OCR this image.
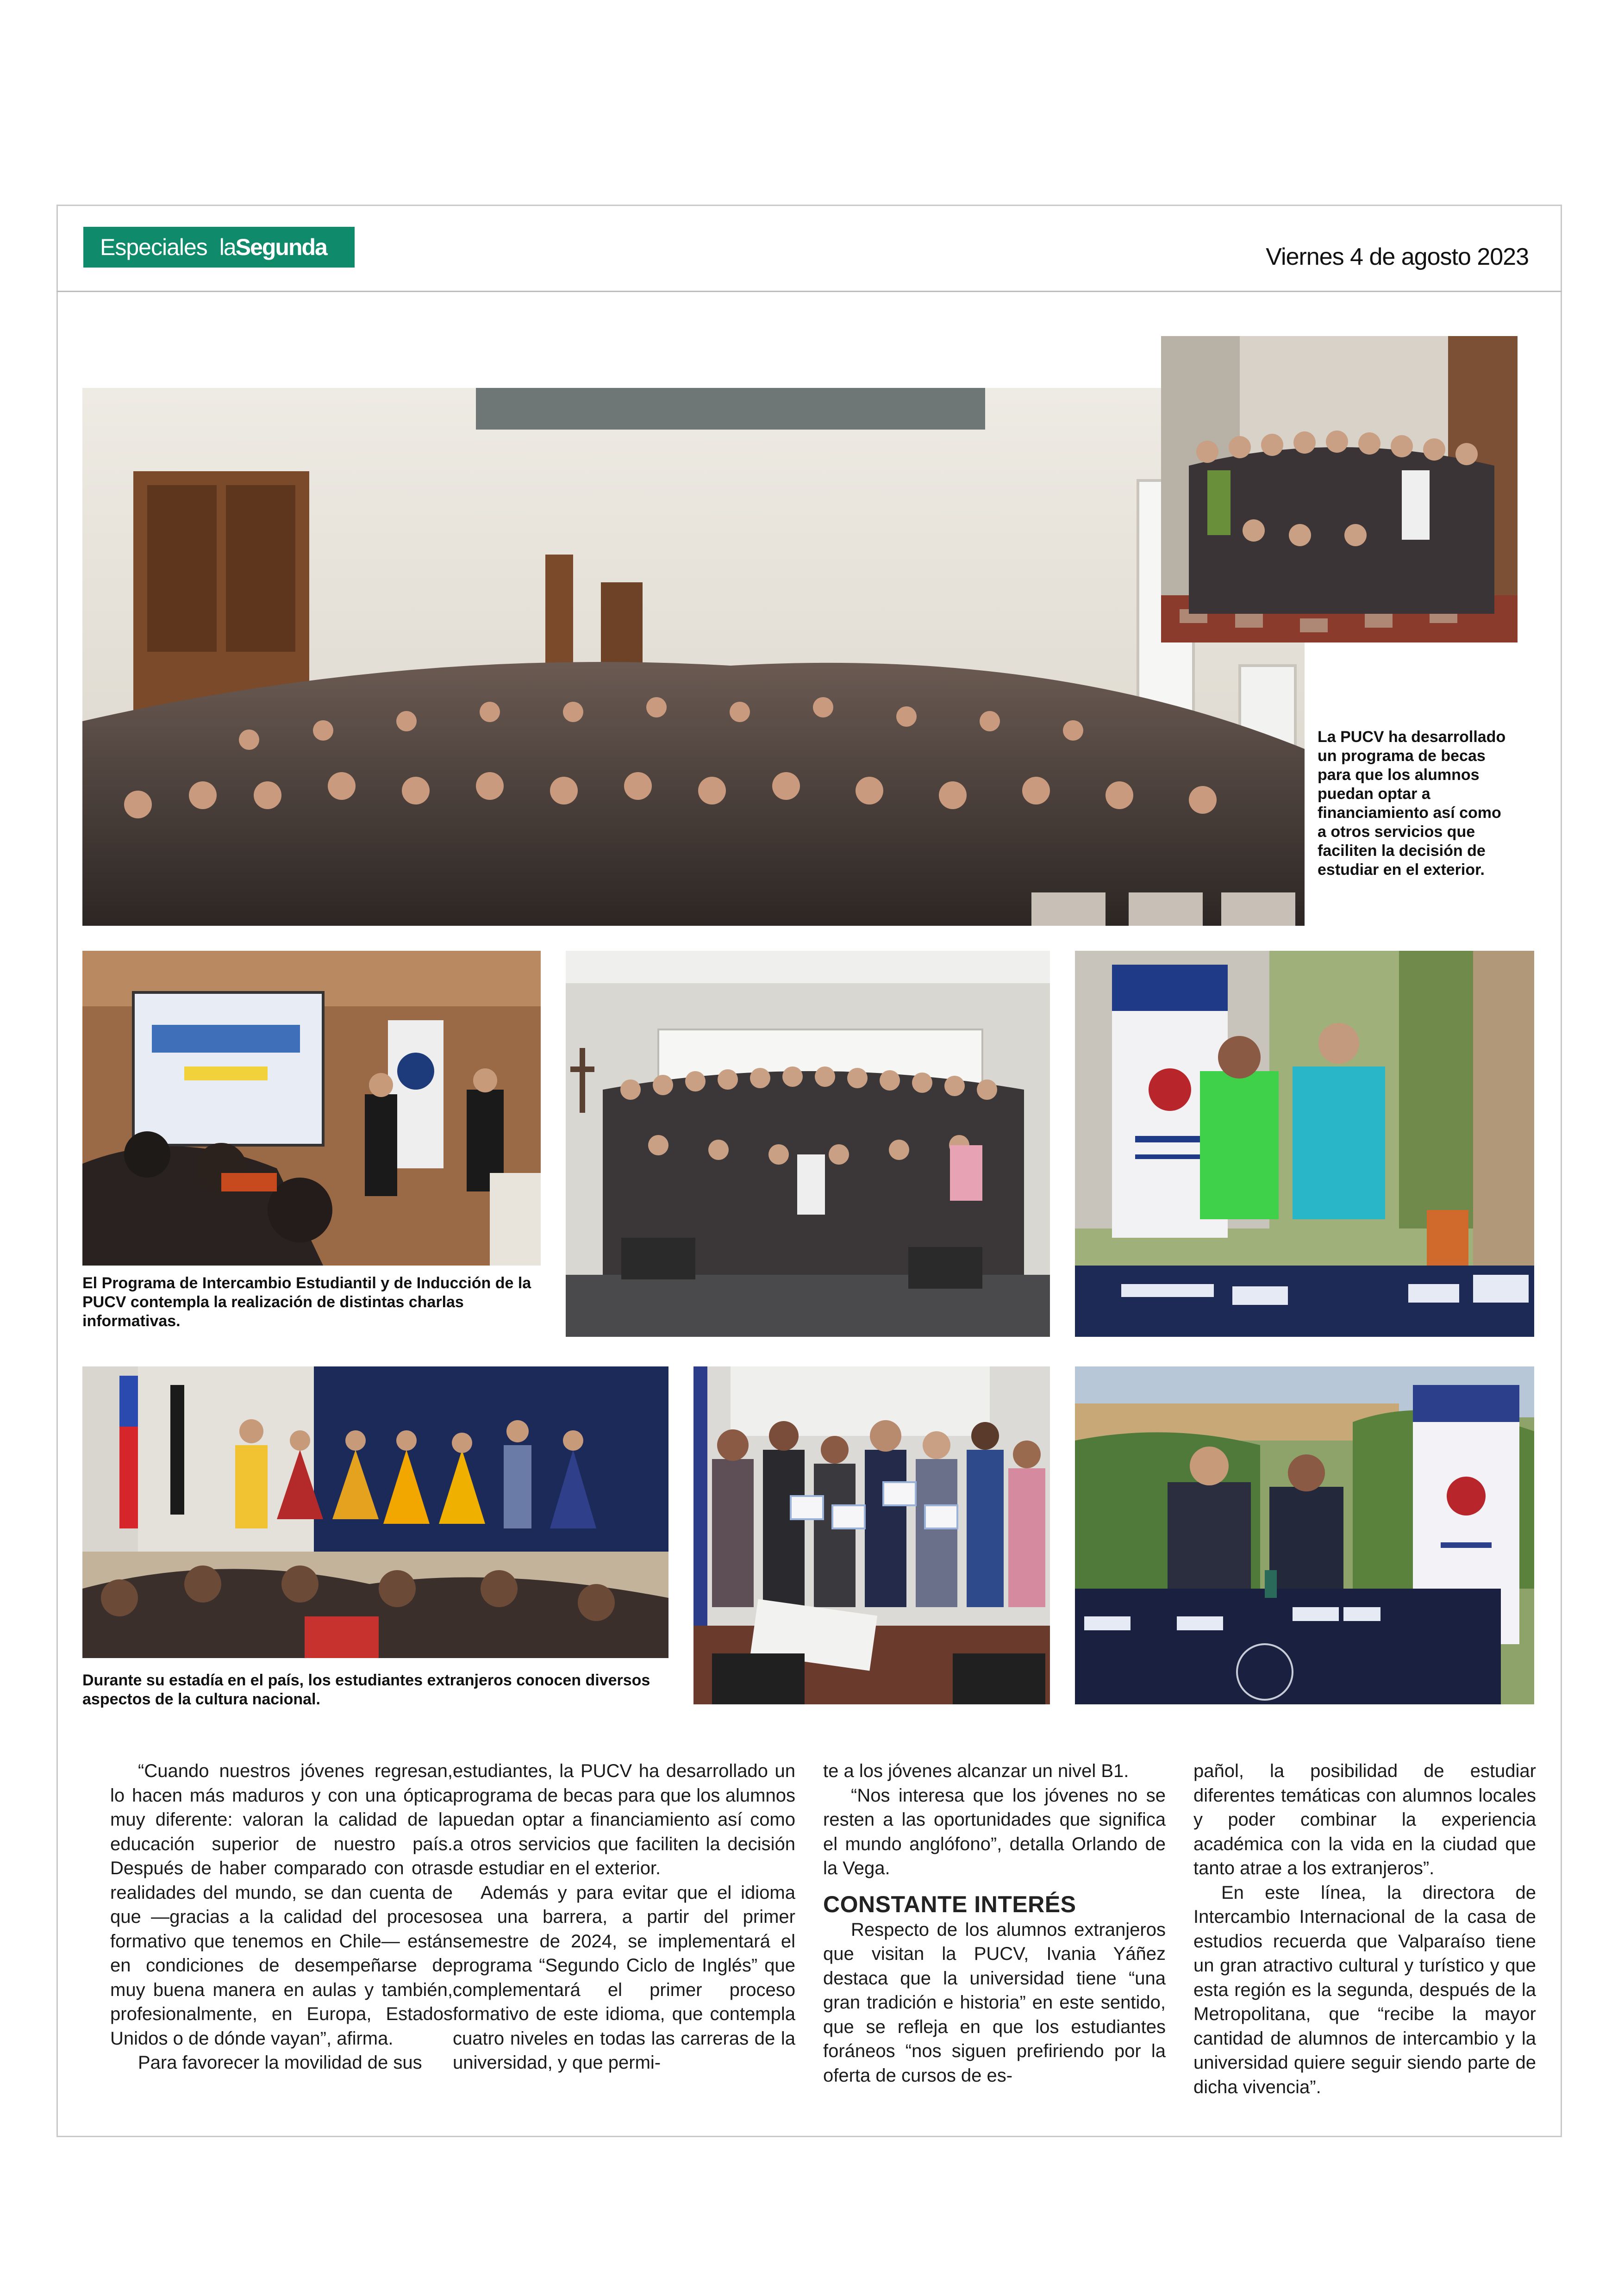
Especiales laSegunda	Viernes 4 de agosto 2023
La PUCV ha desarrollado un programa de becas para que los alumnos puedan optar a financiamiento así como a otros servicios que faciliten la decisión de estudiar en el exterior.
El Programa de Intercambio Estudiantil y de Inducción de la PUCV contempla la realización de distintas charlas informativas.
Durante su estadía en el país, los estudiantes extranjeros conocen diversos aspectos de la cultura nacional.

“Cuando nuestros jóvenes regresan, lo hacen más maduros y con una óptica muy diferente: valoran la calidad de la educación superior de nuestro país. Después de haber comparado con otras realidades del mundo, se dan cuenta de que —gracias a la calidad del proceso formativo que tenemos en Chile— están en condiciones de desempeñarse de muy buena manera en aulas y también, profesionalmente, en Europa, Estados Unidos o de dónde vayan”, afirma.

Para favorecer la movilidad de sus

estudiantes, la PUCV ha desarrollado un programa de becas para que los alumnos puedan optar a financiamiento así como a otros servicios que faciliten la decisión de estudiar en el exterior.

Además y para evitar que el idioma sea una barrera, a partir del primer semestre de 2024, se implementará el programa “Segundo Ciclo de Inglés” que complementará el primer proceso formativo de este idioma, que contempla cuatro niveles en todas las carreras de la universidad, y que permi-

te a los jóvenes alcanzar un nivel B1.

“Nos interesa que los jóvenes no se resten a las oportunidades que significa el mundo anglófono”, detalla Orlando de la Vega.

CONSTANTE INTERÉS

Respecto de los alumnos extranjeros que visitan la PUCV, Ivania Yáñez destaca que la universidad tiene “una gran tradición e historia” en este sentido, que se refleja en que los estudiantes foráneos “nos siguen prefiriendo por la oferta de cursos de es-

pañol, la posibilidad de estudiar diferentes temáticas con alumnos locales y poder combinar la experiencia académica con la vida en la ciudad que tanto atrae a los extranjeros”.

En este línea, la directora de Intercambio Internacional de la casa de estudios recuerda que Valparaíso tiene un gran atractivo cultural y turístico y que esta región es la segunda, después de la Metropolitana, que “recibe la mayor cantidad de alumnos de intercambio y la universidad quiere seguir siendo parte de dicha vivencia”.
